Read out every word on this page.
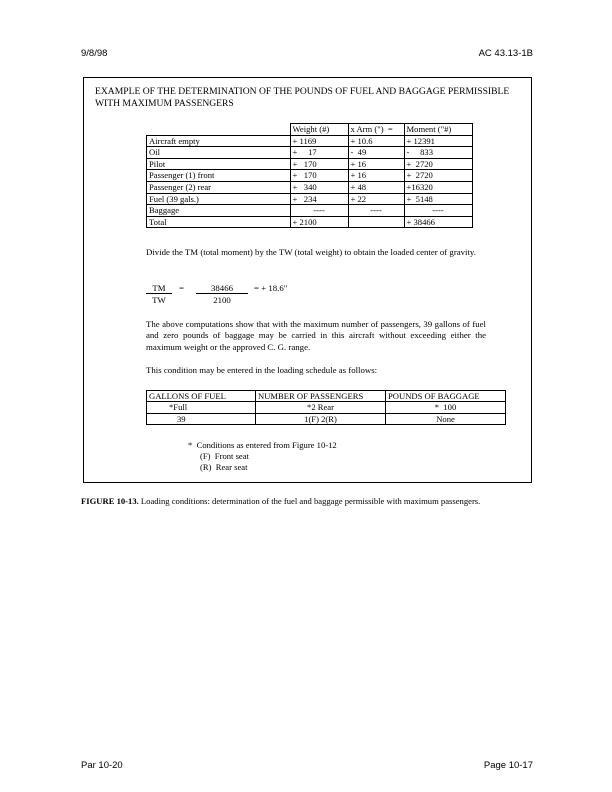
9/8/98	AC 43.13-1B
EXAMPLE OF THE DETERMINATION OF THE POUNDS OF FUEL AND BAGGAGE PERMISSIBLE WITH MAXIMUM PASSENGERS
	Weight (#)	x Arm (")  =	Moment ("#)
Aircraft empty	+ 1169	+ 10.6	+ 12391
Oil	+     17	-  49	-     833
Pilot	+   170	+ 16	+  2720
Passenger (1) front	+   170	+ 16	+  2720
Passenger (2) rear	+   340	+ 48	+16320
Fuel (39 gals.)	+   234	+ 22	+  5148
Baggage	----	----	----
Total	+ 2100		+ 38466
Divide the TM (total moment) by the TW (total weight) to obtain the loaded center of gravity.
TM	=	38466	= + 18.6"
TW	2100
The above computations show that with the maximum number of passengers, 39 gallons of fuel and zero pounds of baggage may be carried in this aircraft without exceeding either the maximum weight or the approved C. G. range.
This condition may be entered in the loading schedule as follows:
GALLONS OF FUEL	NUMBER OF PASSENGERS	POUNDS OF BAGGAGE
*Full	*2 Rear	*  100
39	1(F) 2(R)	None
*  Conditions as entered from Figure 10-12
(F)  Front seat
(R)  Rear seat
FIGURE 10-13. Loading conditions: determination of the fuel and baggage permissible with maximum passengers.
Par 10-20	Page 10-17
